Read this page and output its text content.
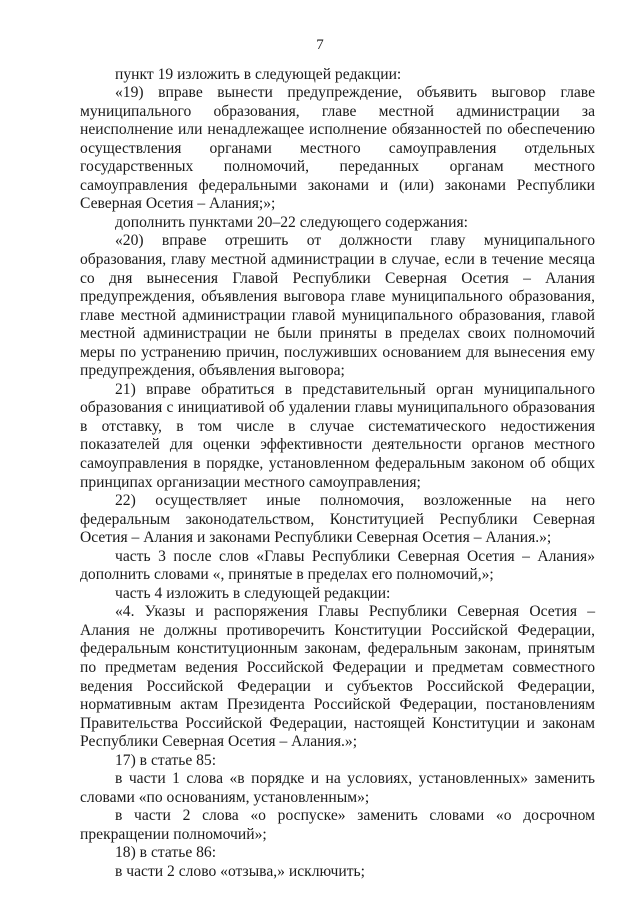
7

пункт 19 изложить в следующей редакции:

«19) вправе вынести предупреждение, объявить выговор главе муниципального образования, главе местной администрации за неисполнение или ненадлежащее исполнение обязанностей по обеспечению осуществления органами местного самоуправления отдельных государственных полномочий, переданных органам местного самоуправления федеральными законами и (или) законами Республики Северная Осетия – Алания;»;

дополнить пунктами 20–22 следующего содержания:

«20) вправе отрешить от должности главу муниципального образования, главу местной администрации в случае, если в течение месяца со дня вынесения Главой Республики Северная Осетия – Алания предупреждения, объявления выговора главе муниципального образования, главе местной администрации главой муниципального образования, главой местной администрации не были приняты в пределах своих полномочий меры по устранению причин, послуживших основанием для вынесения ему предупреждения, объявления выговора;

21) вправе обратиться в представительный орган муниципального образования с инициативой об удалении главы муниципального образования в отставку, в том числе в случае систематического недостижения показателей для оценки эффективности деятельности органов местного самоуправления в порядке, установленном федеральным законом об общих принципах организации местного самоуправления;

22) осуществляет иные полномочия, возложенные на него федеральным законодательством, Конституцией Республики Северная Осетия – Алания и законами Республики Северная Осетия – Алания.»;

часть 3 после слов «Главы Республики Северная Осетия – Алания» дополнить словами «, принятые в пределах его полномочий,»;

часть 4 изложить в следующей редакции:

«4. Указы и распоряжения Главы Республики Северная Осетия – Алания не должны противоречить Конституции Российской Федерации, федеральным конституционным законам, федеральным законам, принятым по предметам ведения Российской Федерации и предметам совместного ведения Российской Федерации и субъектов Российской Федерации, нормативным актам Президента Российской Федерации, постановлениям Правительства Российской Федерации, настоящей Конституции и законам Республики Северная Осетия – Алания.»;

17) в статье 85:

в части 1 слова «в порядке и на условиях, установленных» заменить словами «по основаниям, установленным»;

в части 2 слова «о роспуске» заменить словами «о досрочном прекращении полномочий»;

18) в статье 86:

в части 2 слово «отзыва,» исключить;
